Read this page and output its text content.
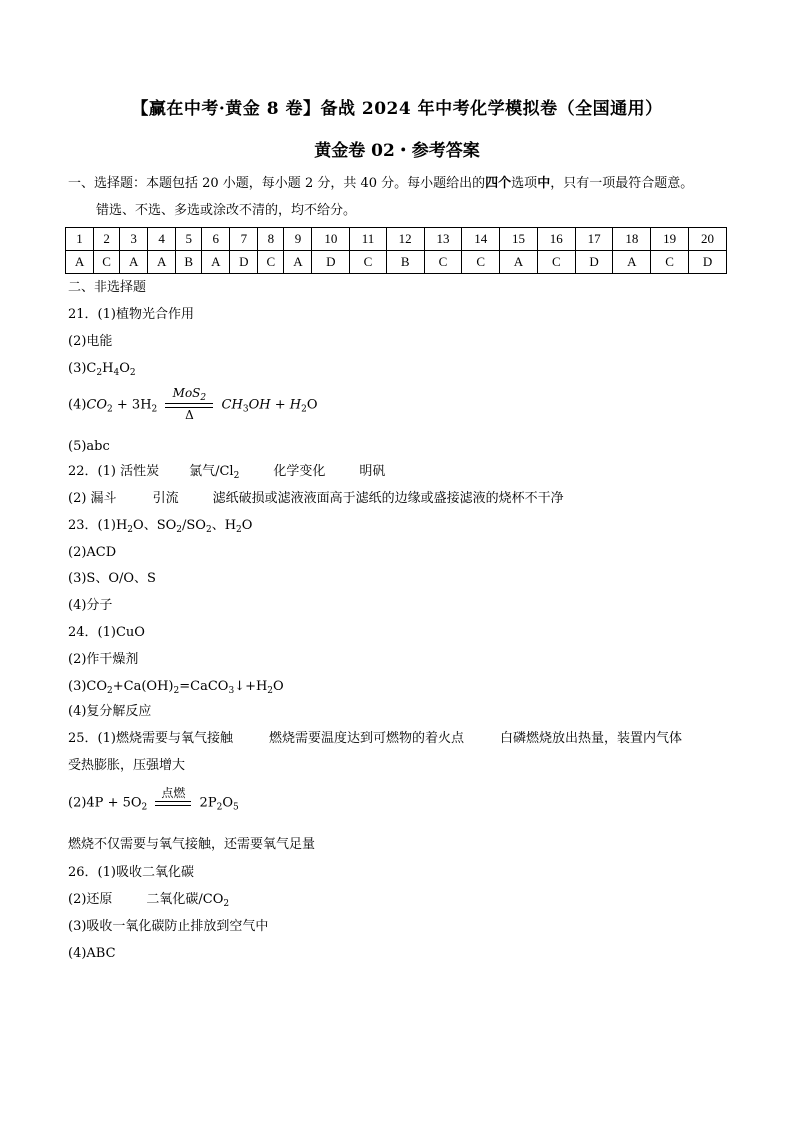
【赢在中考·黄金 8 卷】备战 2024 年中考化学模拟卷（全国通用）
黄金卷 02・参考答案
一、选择题：本题包括 20 小题，每小题 2 分，共 40 分。每小题给出的四个选项中，只有一项最符合题意。
错选、不选、多选或涂改不清的，均不给分。
1	2	3	4	5	6	7	8	9	10	11	12	13	14	15	16	17	18	19	20
A	C	A	A	B	A	D	C	A	D	C	B	C	C	A	C	D	A	C	D
二、非选择题
21．(1)植物光合作用
(2)电能
$(3)C_2H_4O_2$
$(4)CO_2 + 3H_2$
MoS$_2$
Δ
$CH_3OH + H_2O$
(5)abc
22．(1) 活性炭 氯气$/Cl_2$	化学变化	明矾
(2) 漏斗	引流	滤纸破损或滤液液面高于滤纸的边缘或盛接滤液的烧杯不干净
23．$(1)H_2O$、$SO_2/SO_2$、$H_2O$
(2)ACD
(3)S、O/O、S
(4)分子
24．(1)CuO
(2)作干燥剂
$(3)CO_2+Ca(OH)_2=CaCO_3↓+H_2O$
(4)复分解反应
25．(1)燃烧需要与氧气接触	燃烧需要温度达到可燃物的着火点	白磷燃烧放出热量，装置内气体
受热膨胀，压强增大
$(2)4P + 5O_2$
点燃
$2P_2O_5$
燃烧不仅需要与氧气接触，还需要氧气足量
26．(1)吸收二氧化碳
(2)还原	二氧化碳$/CO_2$
(3)吸收一氧化碳防止排放到空气中
(4)ABC
